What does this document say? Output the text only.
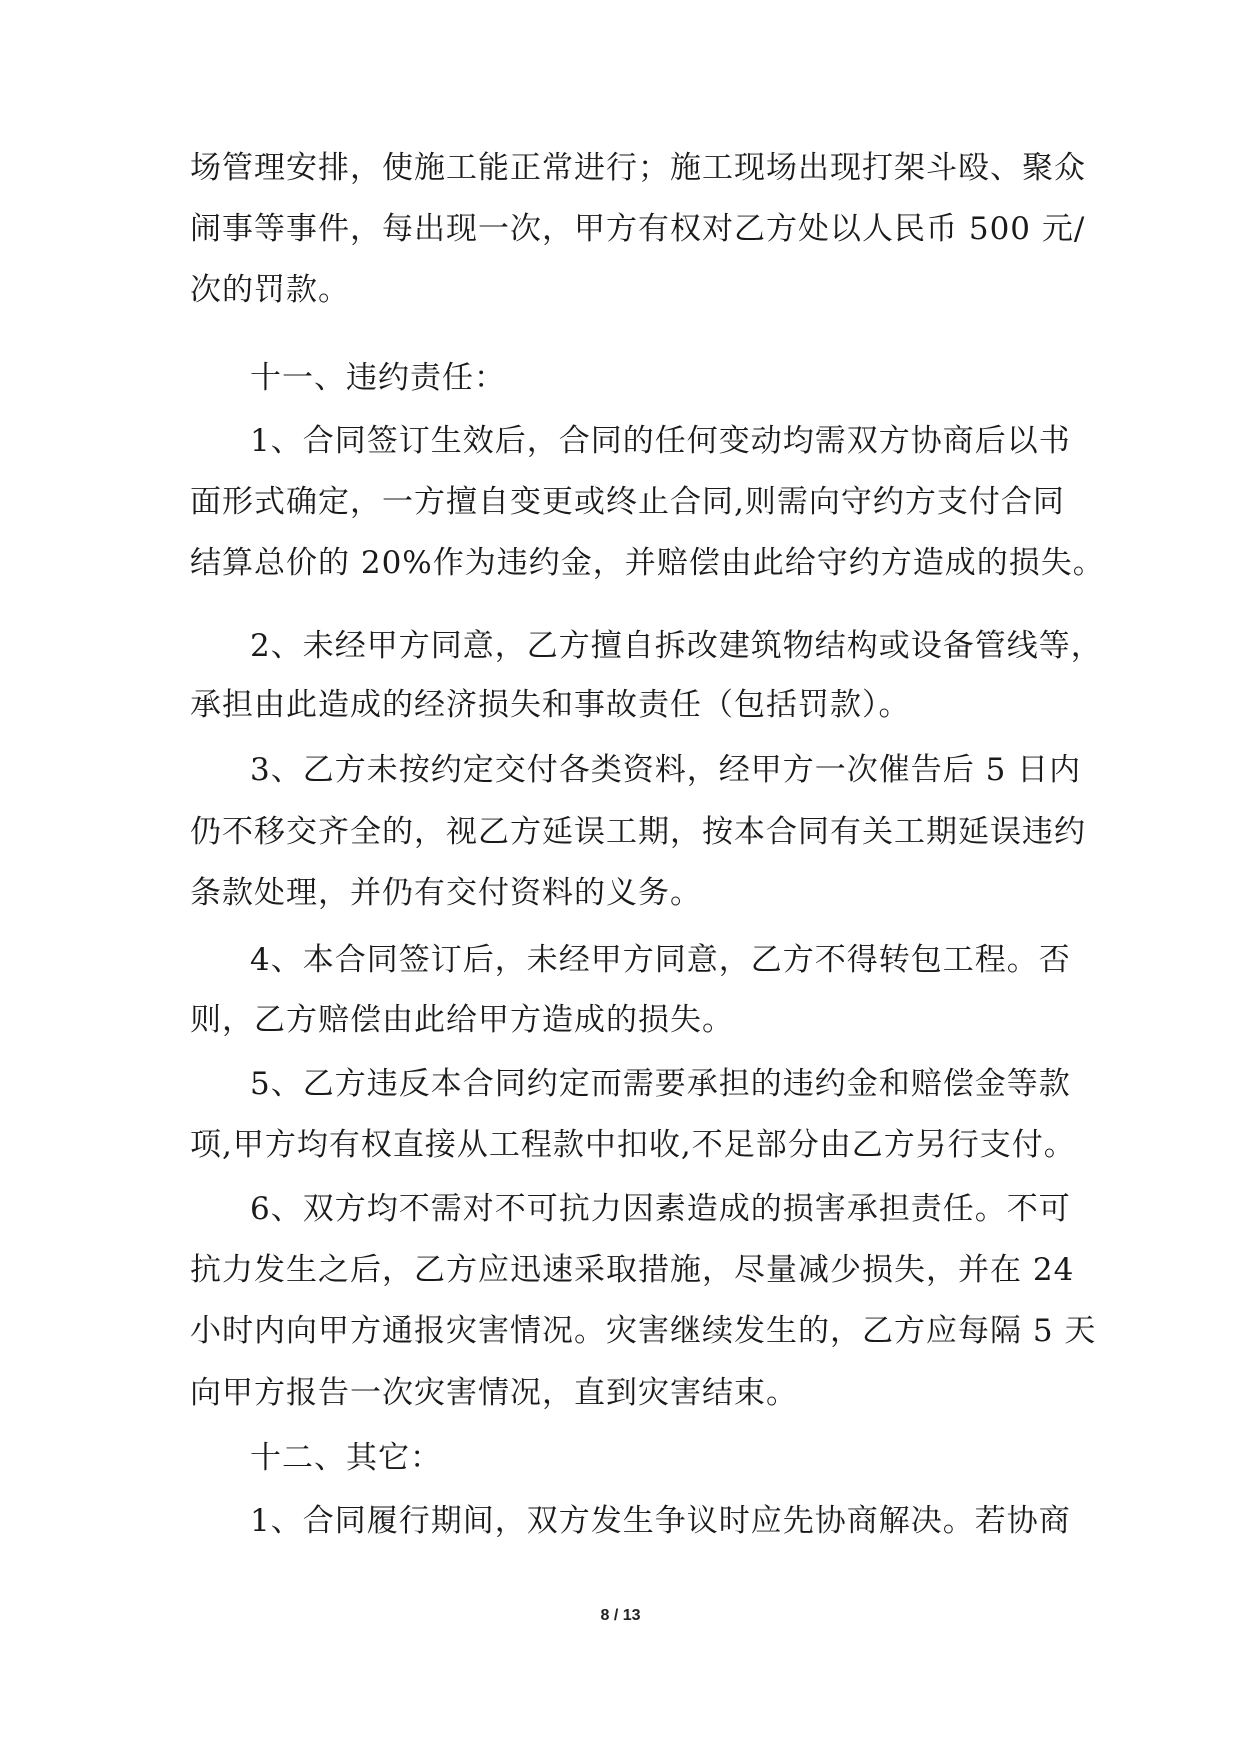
场管理安排，使施工能正常进行；施工现场出现打架斗殴、聚众
闹事等事件，每出现一次，甲方有权对乙方处以人民币 500 元/
次的罚款。
十一、违约责任：
1、合同签订生效后，合同的任何变动均需双方协商后以书
面形式确定，一方擅自变更或终止合同,则需向守约方支付合同
结算总价的 20%作为违约金，并赔偿由此给守约方造成的损失。
2、未经甲方同意，乙方擅自拆改建筑物结构或设备管线等，
承担由此造成的经济损失和事故责任（包括罚款）。
3、乙方未按约定交付各类资料，经甲方一次催告后 5 日内
仍不移交齐全的，视乙方延误工期，按本合同有关工期延误违约
条款处理，并仍有交付资料的义务。
4、本合同签订后，未经甲方同意，乙方不得转包工程。否
则，乙方赔偿由此给甲方造成的损失。
5、乙方违反本合同约定而需要承担的违约金和赔偿金等款
项,甲方均有权直接从工程款中扣收,不足部分由乙方另行支付。
6、双方均不需对不可抗力因素造成的损害承担责任。不可
抗力发生之后，乙方应迅速采取措施，尽量减少损失，并在 24
小时内向甲方通报灾害情况。灾害继续发生的，乙方应每隔 5 天
向甲方报告一次灾害情况，直到灾害结束。
十二、其它：
1、合同履行期间，双方发生争议时应先协商解决。若协商
8 / 13
